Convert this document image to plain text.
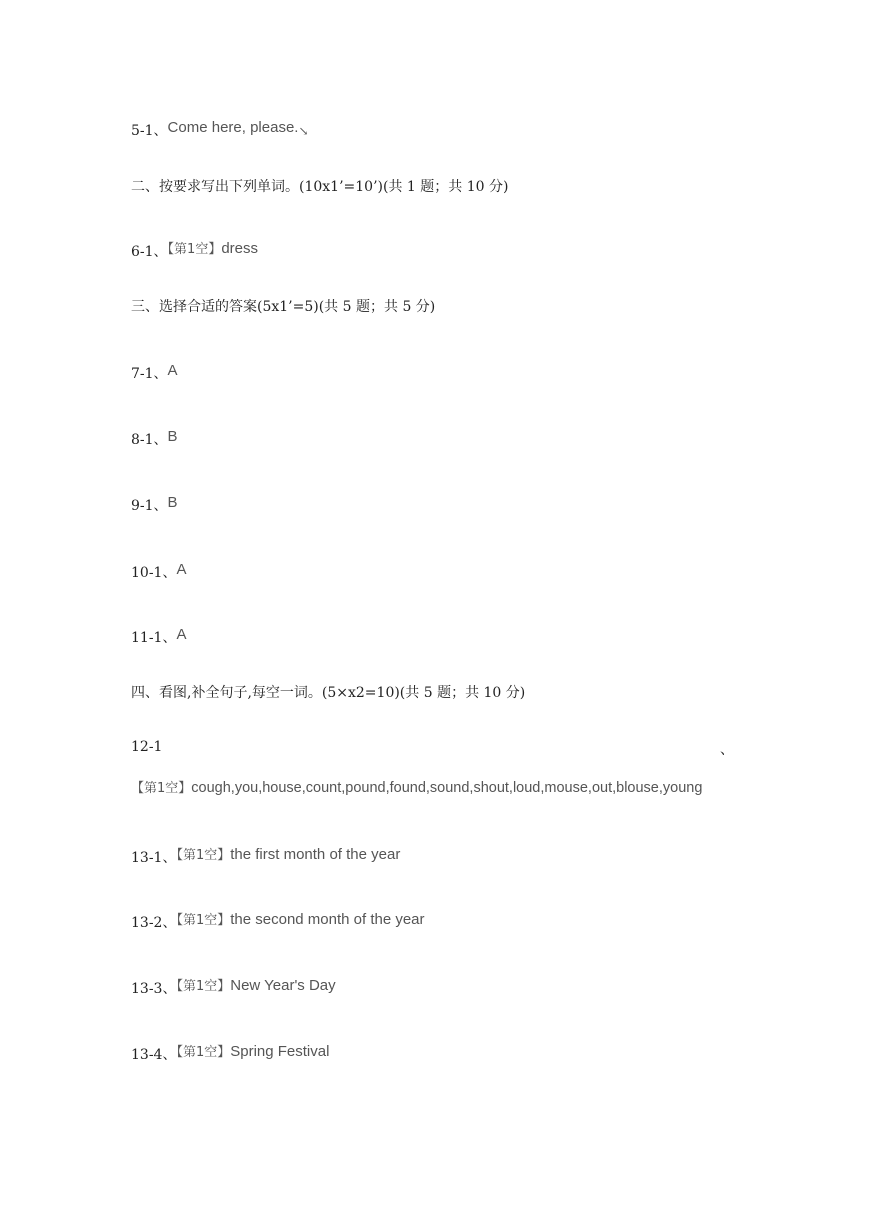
5-1、Come here, please.↘
二、按要求写出下列单词。(10x1’=10’)(共 1 题；共 10 分)
6-1、【第1空】dress
三、选择合适的答案(5x1’=5)(共 5 题；共 5 分)
7-1、A
8-1、B
9-1、B
10-1、A
11-1、A
四、看图,补全句子,每空一词。(5×x2=10)(共 5 题；共 10 分)
12-1	、
【第1空】cough,you,house,count,pound,found,sound,shout,loud,mouse,out,blouse,young
13-1、【第1空】the first month of the year
13-2、【第1空】the second month of the year
13-3、【第1空】New Year's Day
13-4、【第1空】Spring Festival
